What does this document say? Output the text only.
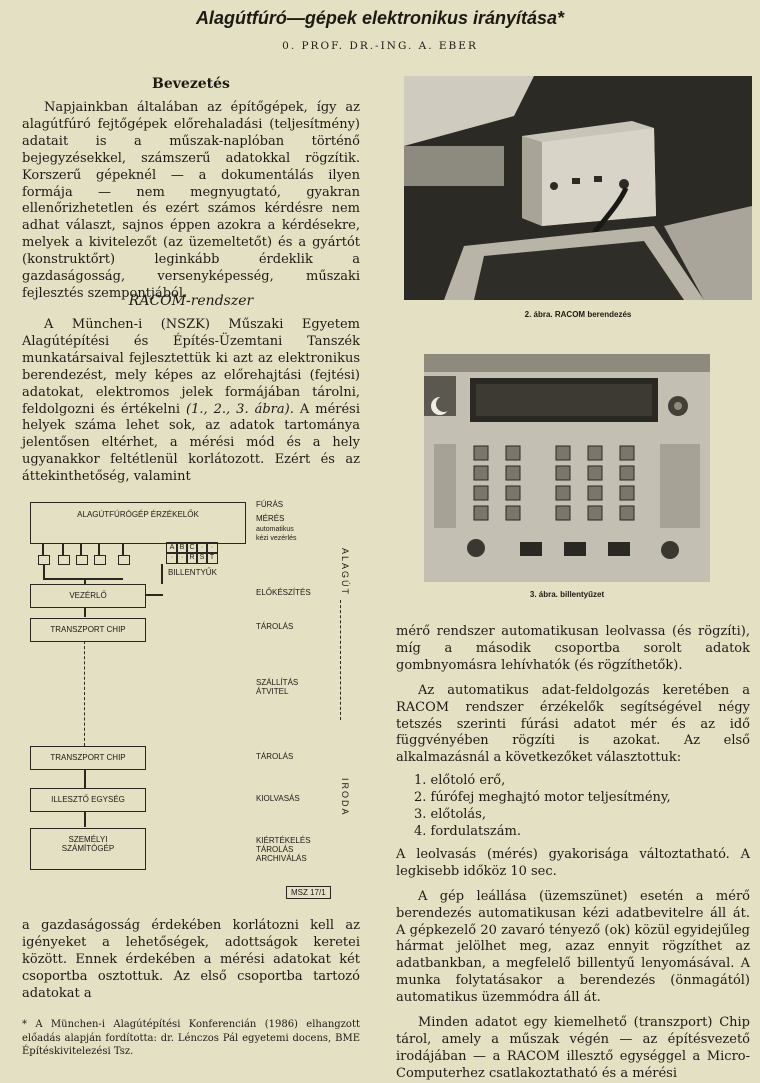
Alagútfúró—gépek elektronikus irányítása*
0. PROF. DR.-ING. A. EBER
Bevezetés

Napjainkban általában az építőgépek, így az alagútfúró fejtőgépek előrehaladási (teljesítmény) adatait is a műszak-naplóban történő bejegyzésekkel, számszerű adatokkal rögzítik. Korszerű gépeknél — a dokumentálás ilyen formája — nem megnyugtató, gyakran ellenőrizhetetlen és ezért számos kérdésre nem adhat választ, sajnos éppen azokra a kérdésekre, melyek a kivitelezőt (az üzemeltetőt) és a gyártót (konstruktőrt) leginkább érdeklik a gazdaságosság, versenyképesség, műszaki fejlesztés szempontjából.

RACOM-rendszer

A München-i (NSZK) Műszaki Egyetem Alagútépítési és Építés-Üzemtani Tanszék munkatársaival fejlesztettük ki azt az elektronikus berendezést, mely képes az előrehajtási (fejtési) adatokat, elektromos jelek formájában tárolni, feldolgozni és értékelni (1., 2., 3. ábra). A mérési helyek száma lehet sok, az adatok tartománya jelentősen eltérhet, a mérési mód és a hely ugyanakkor feltétlenül korlátozott. Ezért és az áttekinthetőség, valamint

ALAGÚTFÚRÓGÉP ÉRZÉKELŐK
A B C ·	·
·	· R S T
BILLENTYŰK
VEZÉRLŐ
TRANSZPORT CHIP
TRANSZPORT CHIP
ILLESZTŐ EGYSÉG
SZEMÉLYI SZÁMÍTÓGÉP
FÚRÁS
MÉRÉS
automatikus
kézi vezérlés
ELŐKÉSZÍTÉS
TÁROLÁS
SZÁLLÍTÁS ÁTVITEL
TÁROLÁS
KIOLVASÁS
KIÉRTÉKELÉS TÁROLÁS ARCHIVÁLÁS
ALAGÚT
IRODA
MSZ 17/1

a gazdaságosság érdekében korlátozni kell az igényeket a lehetőségek, adottságok keretei között. Ennek érdekében a mérési adatokat két csoportba osztottuk. Az első csoportba tartozó adatokat a

* A München-i Alagútépítési Konferencián (1986) elhangzott előadás alapján fordította: dr. Lénczos Pál egyetemi docens, BME Építéskivitelezési Tsz.

2. ábra. RACOM berendezés
3. ábra. billentyűzet

mérő rendszer automatikusan leolvassa (és rögzíti), míg a második csoportba sorolt adatok gombnyomásra lehívhatók (és rögzíthetők).

Az automatikus adat-feldolgozás keretében a RACOM rendszer érzékelők segítségével négy tetszés szerinti fúrási adatot mér és az idő függvényében rögzíti is azokat. Az első alkalmazásnál a következőket választottuk:

1. előtoló erő,
2. fúrófej meghajtó motor teljesítmény,
3. előtolás,
4. fordulatszám.

A leolvasás (mérés) gyakorisága változtatható. A legkisebb időköz 10 sec.

A gép leállása (üzemszünet) esetén a mérő berendezés automatikusan kézi adatbevitelre áll át. A gépkezelő 20 zavaró tényező (ok) közül egyidejűleg hármat jelölhet meg, azaz ennyit rögzíthet az adatbankban, a megfelelő billentyű lenyomásával. A munka folytatásakor a berendezés (önmagától) automatikus üzemmódra áll át.

Minden adatot egy kiemelhető (transzport) Chip tárol, amely a műszak végén — az építésvezető irodájában — a RACOM illesztő egységgel a Micro-Computerhez csatlakoztatható és a mérési
